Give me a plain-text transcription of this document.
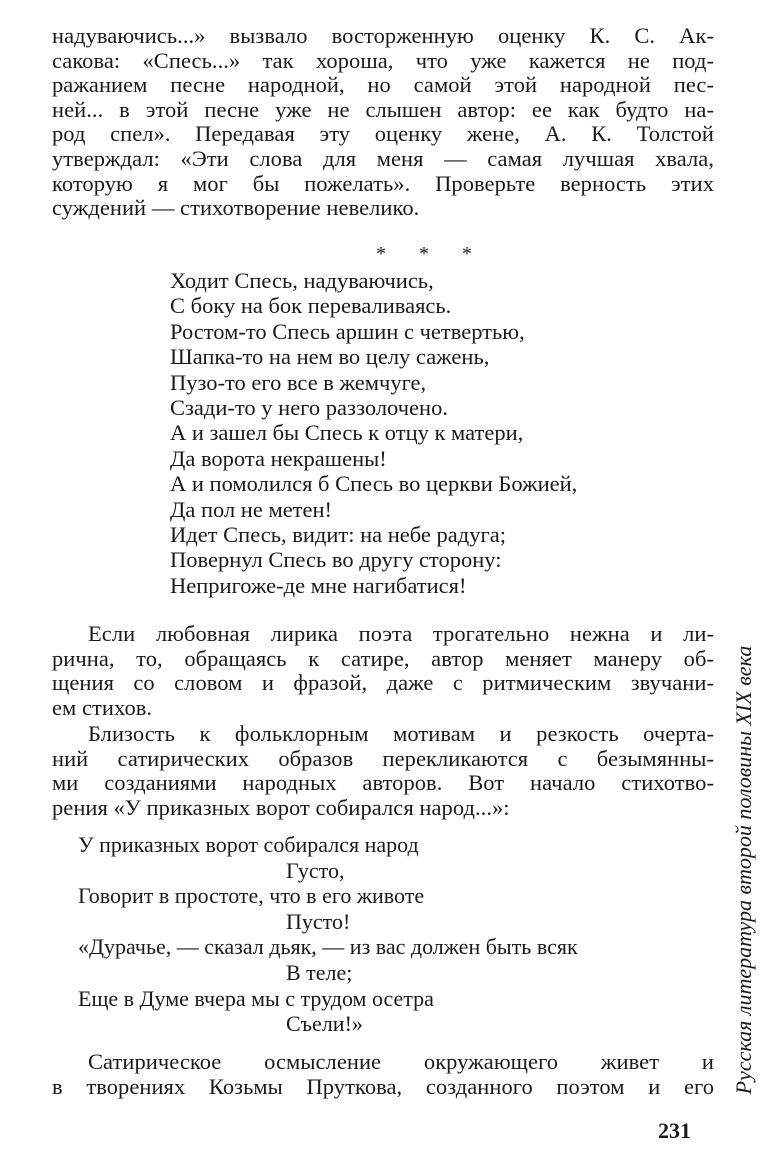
надуваючись...» вызвало восторженную оценку К. С. Ак-
сакова: «Спесь...» так хороша, что уже кажется не под-
ражанием песне народной, но самой этой народной пес-
ней... в этой песне уже не слышен автор: ее как будто на-
род спел». Передавая эту оценку жене, А. К. Толстой
утверждал: «Эти слова для меня — самая лучшая хвала,
которую я мог бы пожелать». Проверьте верность этих
суждений — стихотворение невелико.
* * *
Ходит Спесь, надуваючись,
С боку на бок переваливаясь.
Ростом-то Спесь аршин с четвертью,
Шапка-то на нем во целу сажень,
Пузо-то его все в жемчуге,
Сзади-то у него раззолочено.
А и зашел бы Спесь к отцу к матери,
Да ворота некрашены!
А и помолился б Спесь во церкви Божией,
Да пол не метен!
Идет Спесь, видит: на небе радуга;
Повернул Спесь во другу сторону:
Непригоже-де мне нагибатися!
Если любовная лирика поэта трогательно нежна и ли-
рична, то, обращаясь к сатире, автор меняет манеру об-
щения со словом и фразой, даже с ритмическим звучани-
ем стихов.
Близость к фольклорным мотивам и резкость очерта-
ний сатирических образов перекликаются с безымянны-
ми созданиями народных авторов. Вот начало стихотво-
рения «У приказных ворот собирался народ...»:
У приказных ворот собирался народ
Густо,
Говорит в простоте, что в его животе
Пусто!
«Дурачье, — сказал дьяк, — из вас должен быть всяк
В теле;
Еще в Думе вчера мы с трудом осетра
Съели!»
Сатирическое осмысление окружающего живет и
в творениях Козьмы Пруткова, созданного поэтом и его Русская литература второй половины XIX века
231
